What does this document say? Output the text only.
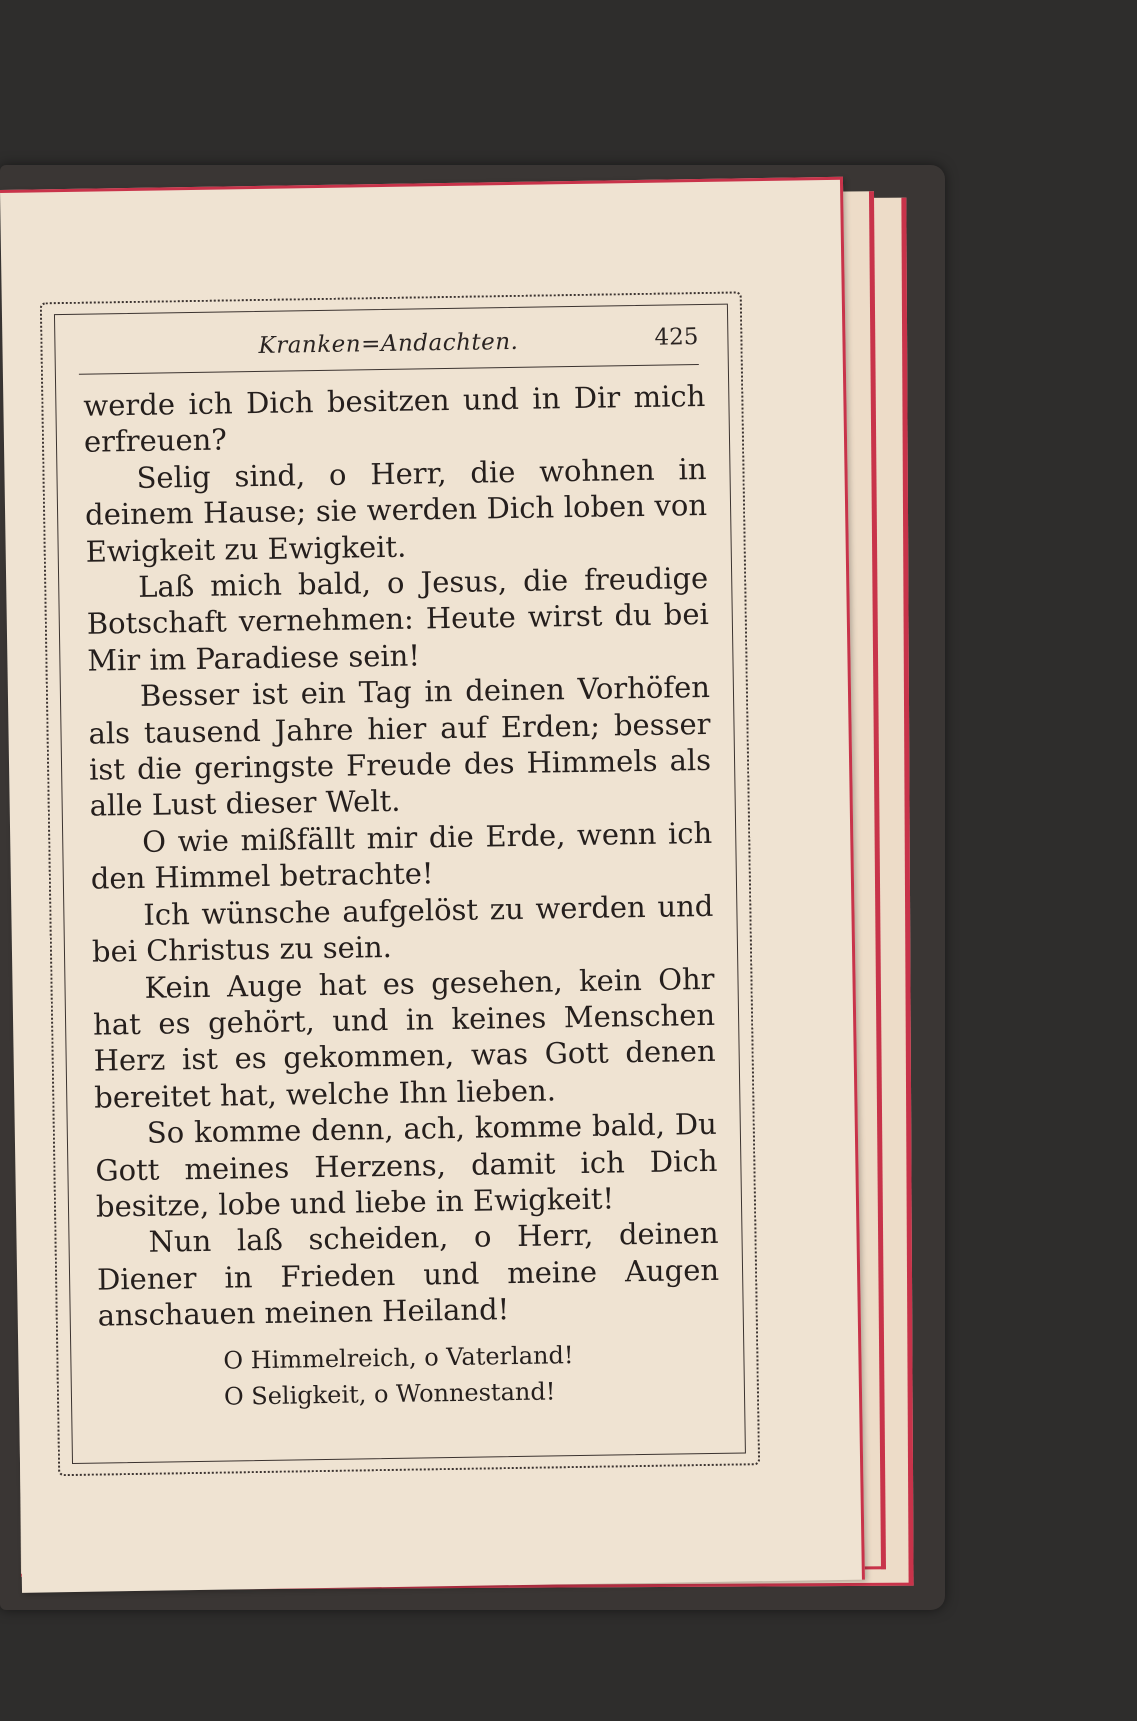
Kranken=Andachten.	425

werde ich Dich besitzen und in Dir mich erfreuen?

Selig sind, o Herr, die wohnen in deinem Hause; sie werden Dich loben von Ewigkeit zu Ewigkeit.

Laß mich bald, o Jesus, die freudige Botschaft vernehmen: Heute wirst du bei Mir im Paradiese sein!

Besser ist ein Tag in deinen Vorhöfen als tausend Jahre hier auf Erden; besser ist die geringste Freude des Himmels als alle Lust dieser Welt.

O wie mißfällt mir die Erde, wenn ich den Himmel betrachte!

Ich wünsche aufgelöst zu werden und bei Christus zu sein.

Kein Auge hat es gesehen, kein Ohr hat es gehört, und in keines Menschen Herz ist es gekommen, was Gott denen bereitet hat, welche Ihn lieben.

So komme denn, ach, komme bald, Du Gott meines Herzens, damit ich Dich besitze, lobe und liebe in Ewigkeit!

Nun laß scheiden, o Herr, deinen Diener in Frieden und meine Augen anschauen meinen Heiland!

O Himmelreich, o Vaterland!
O Seligkeit, o Wonnestand!
